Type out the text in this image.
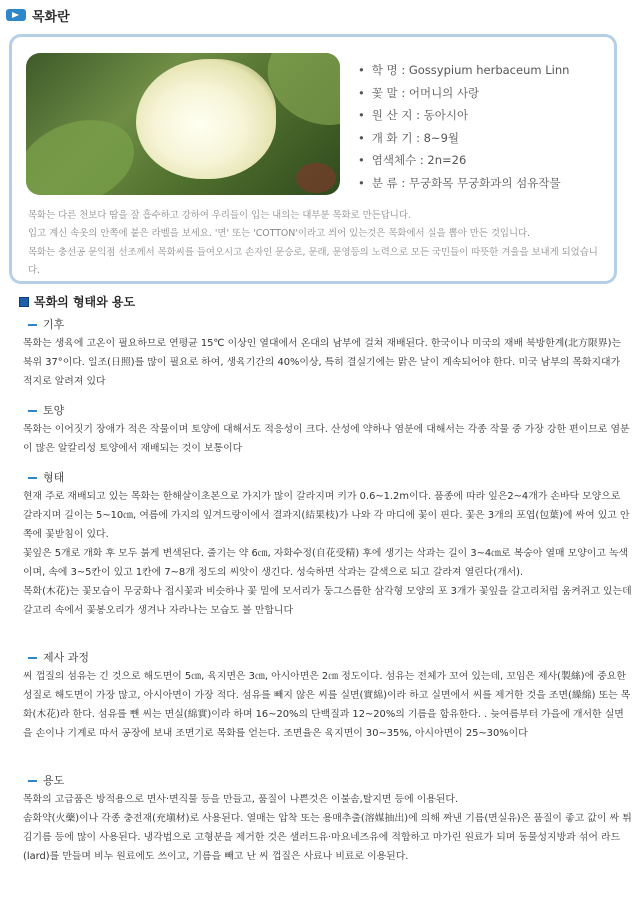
목화란
• 학 명 : Gossypium herbaceum Linn
• 꽃 말 : 어머니의 사랑
• 원 산 지 : 동아시아
• 개 화 기 : 8~9월
• 염색체수 : 2n=26
• 분 류 : 무궁화목 무궁화과의 섬유작물

목화는 다른 천보다 땀을 잘 흡수하고 강하여 우리들이 입는 내의는 대부분 목화로 만든답니다.

입고 계신 속옷의 안쪽에 붙은 라벨을 보세요. '면' 또는 'COTTON'이라고 씌어 있는것은 목화에서 실을 뽑아 만든 것입니다.

목화는 충선공 문익점 선조께서 목화씨를 들여오시고 손자인 문승로, 문래, 문영등의 노력으로 모든 국민들이 따뜻한 겨울을 보내게 되었습니다.

목화의 형태와 용도
기후

목화는 생육에 고온이 필요하므로 연평균 15℃ 이상인 열대에서 온대의 남부에 걸쳐 재배된다. 한국이나 미국의 재배 북방한계(北方限界)는 북위 37°이다. 일조(日照)를 많이 필요로 하여, 생육기간의 40%이상, 특히 결실기에는 맑은 날이 계속되어야 한다. 미국 남부의 목화지대가 적지로 알려져 있다

토양

목화는 이어짓기 장애가 적은 작물이며 토양에 대해서도 적응성이 크다. 산성에 약하나 염분에 대해서는 각종 작물 중 가장 강한 편이므로 염분이 많은 알칼리성 토양에서 재배되는 것이 보통이다

형태

현재 주로 재배되고 있는 목화는 한해살이초본으로 가지가 많이 갈라지며 키가 0.6~1.2m이다. 품종에 따라 잎은2~4개가 손바닥 모양으로 갈라지며 길이는 5~10㎝, 여름에 가지의 잎겨드랑이에서 결과지(結果枝)가 나와 각 마디에 꽃이 핀다. 꽃은 3개의 포엽(包葉)에 싸여 있고 안쪽에 꽃받침이 있다.

꽃잎은 5개로 개화 후 모두 붉게 변색된다. 줄기는 약 6㎝, 자화수정(自花受精) 후에 생기는 삭과는 길이 3~4㎝로 복숭아 열매 모양이고 녹색이며, 속에 3~5칸이 있고 1칸에 7~8개 정도의 씨앗이 생긴다. 성숙하면 삭과는 갈색으로 되고 갈라져 열린다(개서).

목화(木花)는 꽃모습이 무궁화나 접시꽃과 비슷하나 꽃 밑에 모서리가 둥그스름한 삼각형 모양의 포 3개가 꽃잎을 갈고리처럼 움켜쥐고 있는데 갈고리 속에서 꽃봉오리가 생겨나 자라나는 모습도 볼 만합니다

제사 과정

씨 껍질의 섬유는 긴 것으로 해도면이 5㎝, 육지면은 3㎝, 아시아면은 2㎝ 정도이다. 섬유는 전체가 꼬여 있는데, 꼬임은 제사(製絲)에 중요한 성질로 해도면이 가장 많고, 아시아면이 가장 적다. 섬유를 빼지 않은 씨를 실면(實綿)이라 하고 실면에서 씨를 제거한 것을 조면(繰綿) 또는 목화(木花)라 한다. 섬유를 뺀 씨는 면실(綿實)이라 하며 16~20%의 단백질과 12~20%의 기름을 함유한다. . 늦여름부터 가을에 개서한 실면을 손이나 기계로 따서 공장에 보내 조면기로 목화를 얻는다. 조면율은 육지면이 30~35%, 아시아면이 25~30%이다

용도

목화의 고급품은 방적용으로 면사·면직물 등을 만들고, 품질이 나쁜것은 이불솜,탈지면 등에 이용된다.

솜화약(火藥)이나 각종 충전재(充塡材)로 사용된다. 열매는 압착 또는 용매추출(溶媒抽出)에 의해 짜낸 기름(면실유)은 품질이 좋고 값이 싸 튀김기름 등에 많이 사용된다. 냉각법으로 고형분을 제거한 것은 샐러드유·마요네즈유에 적합하고 마가린 원료가 되며 동물성지방과 섞어 라드(lard)를 만들며 비누 원료에도 쓰이고, 기름을 빼고 난 씨 껍질은 사료나 비료로 이용된다.
